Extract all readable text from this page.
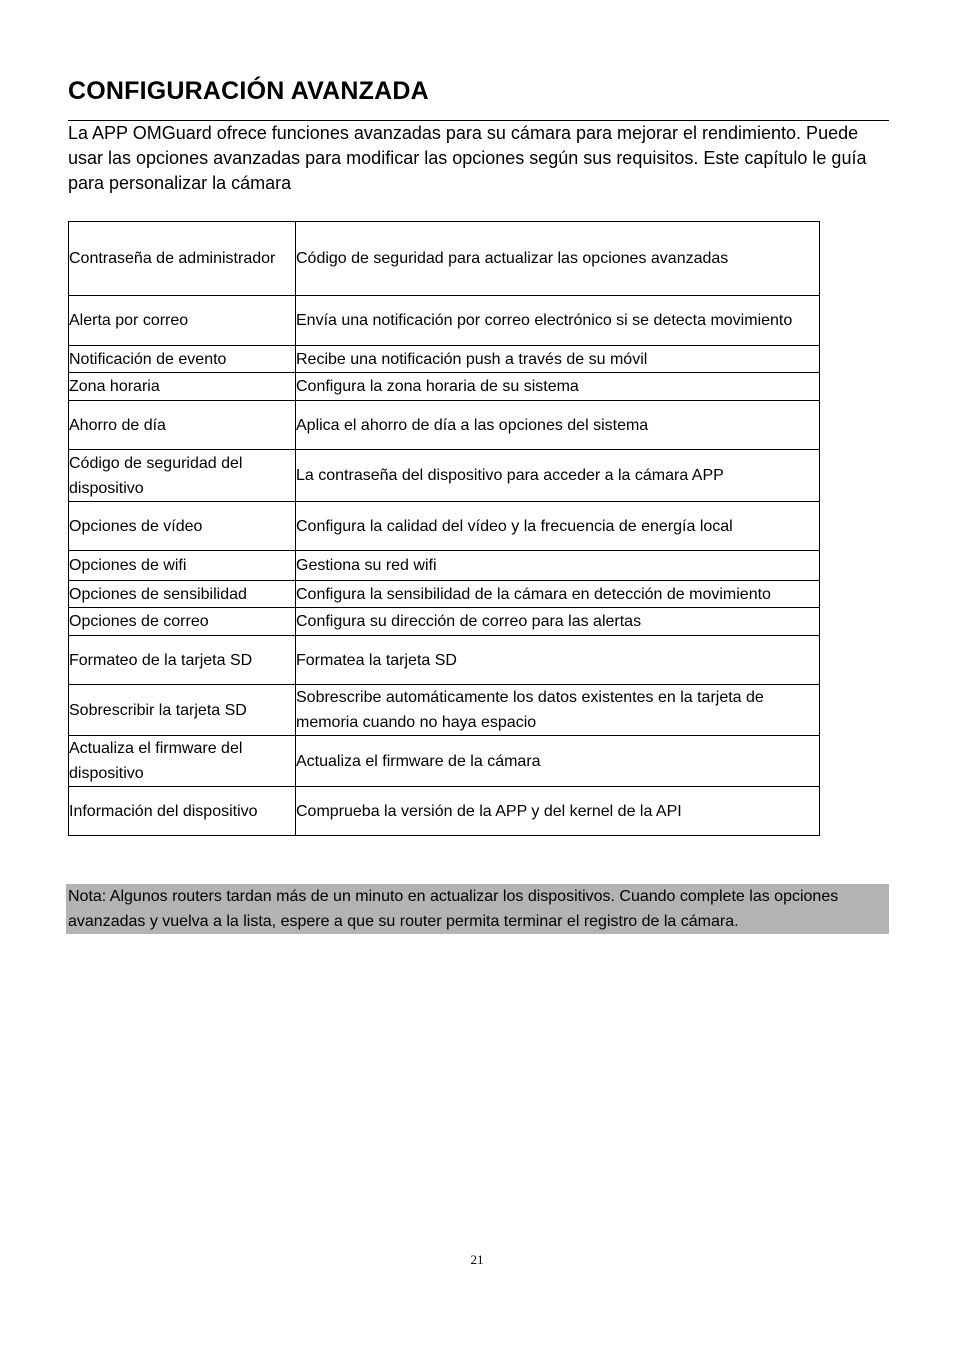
CONFIGURACIÓN AVANZADA

La APP OMGuard ofrece funciones avanzadas para su cámara para mejorar el rendimiento. Puede usar las opciones avanzadas para modificar las opciones según sus requisitos. Este capítulo le guía para personalizar la cámara

Contraseña de administrador	Código de seguridad para actualizar las opciones avanzadas
Alerta por correo	Envía una notificación por correo electrónico si se detecta movimiento
Notificación de evento	Recibe una notificación push a través de su móvil
Zona horaria	Configura la zona horaria de su sistema
Ahorro de día	Aplica el ahorro de día a las opciones del sistema
Código de seguridad del dispositivo	La contraseña del dispositivo para acceder a la cámara APP
Opciones de vídeo	Configura la calidad del vídeo y la frecuencia de energía local
Opciones de wifi	Gestiona su red wifi
Opciones de sensibilidad	Configura la sensibilidad de la cámara en detección de movimiento
Opciones de correo	Configura su dirección de correo para las alertas
Formateo de la tarjeta SD	Formatea la tarjeta SD
Sobrescribir la tarjeta SD	Sobrescribe automáticamente los datos existentes en la tarjeta de memoria cuando no haya espacio
Actualiza el firmware del dispositivo	Actualiza el firmware de la cámara
Información del dispositivo	Comprueba la versión de la APP y del kernel de la API

Nota: Algunos routers tardan más de un minuto en actualizar los dispositivos. Cuando complete las opciones avanzadas y vuelva a la lista, espere a que su router permita terminar el registro de la cámara.

21
